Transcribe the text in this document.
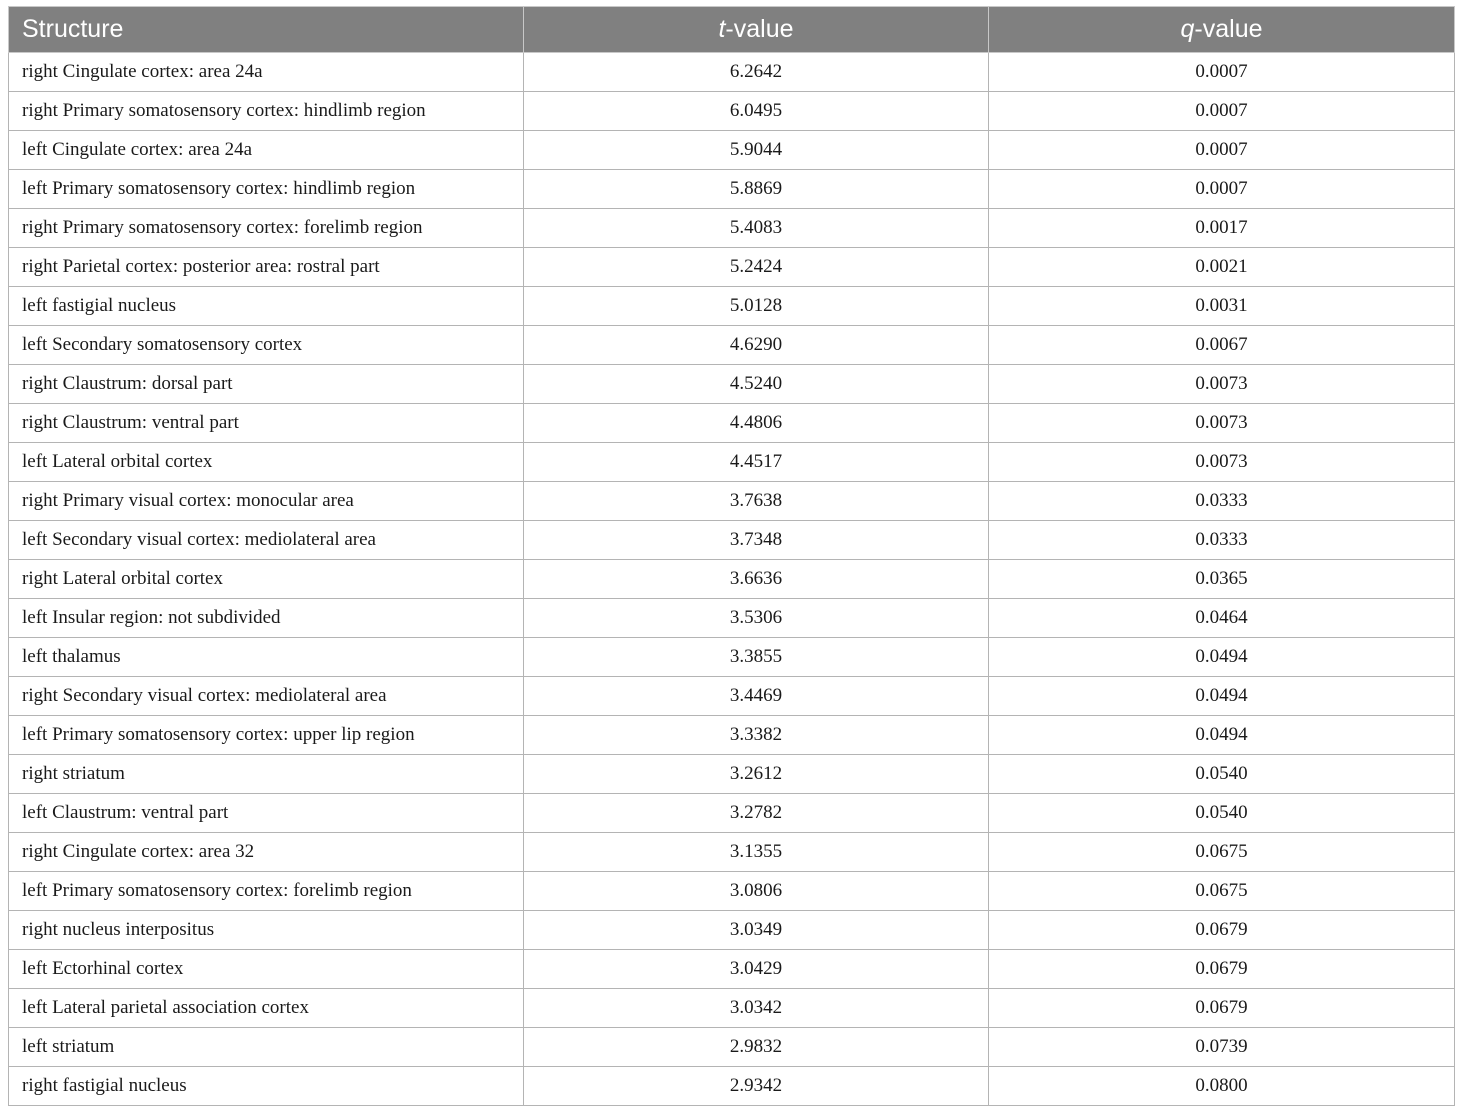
Structure	t-value	q-value
right Cingulate cortex: area 24a	6.2642	0.0007
right Primary somatosensory cortex: hindlimb region	6.0495	0.0007
left Cingulate cortex: area 24a	5.9044	0.0007
left Primary somatosensory cortex: hindlimb region	5.8869	0.0007
right Primary somatosensory cortex: forelimb region	5.4083	0.0017
right Parietal cortex: posterior area: rostral part	5.2424	0.0021
left fastigial nucleus	5.0128	0.0031
left Secondary somatosensory cortex	4.6290	0.0067
right Claustrum: dorsal part	4.5240	0.0073
right Claustrum: ventral part	4.4806	0.0073
left Lateral orbital cortex	4.4517	0.0073
right Primary visual cortex: monocular area	3.7638	0.0333
left Secondary visual cortex: mediolateral area	3.7348	0.0333
right Lateral orbital cortex	3.6636	0.0365
left Insular region: not subdivided	3.5306	0.0464
left thalamus	3.3855	0.0494
right Secondary visual cortex: mediolateral area	3.4469	0.0494
left Primary somatosensory cortex: upper lip region	3.3382	0.0494
right striatum	3.2612	0.0540
left Claustrum: ventral part	3.2782	0.0540
right Cingulate cortex: area 32	3.1355	0.0675
left Primary somatosensory cortex: forelimb region	3.0806	0.0675
right nucleus interpositus	3.0349	0.0679
left Ectorhinal cortex	3.0429	0.0679
left Lateral parietal association cortex	3.0342	0.0679
left striatum	2.9832	0.0739
right fastigial nucleus	2.9342	0.0800
